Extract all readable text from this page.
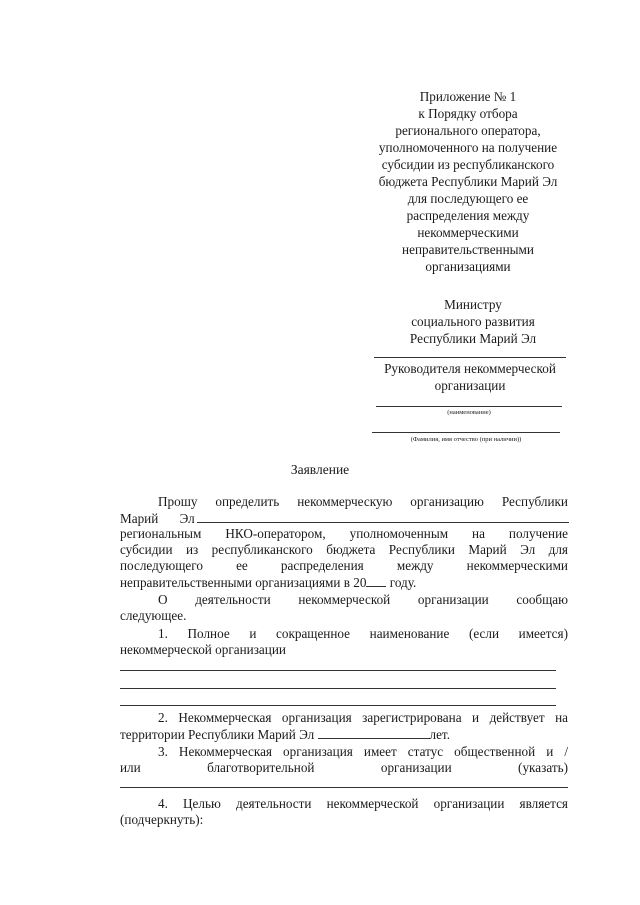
Приложение № 1
к Порядку отбора
регионального оператора,
уполномоченного на получение
субсидии из республиканского
бюджета Республики Марий Эл
для последующего ее
распределения между
некоммерческими
неправительственными
организациями
Министру
социального развития
Республики Марий Эл
Руководителя некоммерческой
организации
(наименование)
(Фамилия, имя отчество (при наличии))
Заявление
Прошу определить некоммерческую организацию Республики
Марий Эл
региональным НКО-оператором, уполномоченным на получение
субсидии из республиканского бюджета Республики Марий Эл для
последующего ее распределения между некоммерческими
неправительственными организациями в 20 году.
О деятельности некоммерческой организации сообщаю
следующее.
1. Полное и сокращенное наименование (если имеется)
некоммерческой организации
2. Некоммерческая организация зарегистрирована и действует на
территории Республики Марий Эл	лет.
3. Некоммерческая организация имеет статус общественной и /
или благотворительной организации (указать)
4. Целью деятельности некоммерческой организации является
(подчеркнуть):
